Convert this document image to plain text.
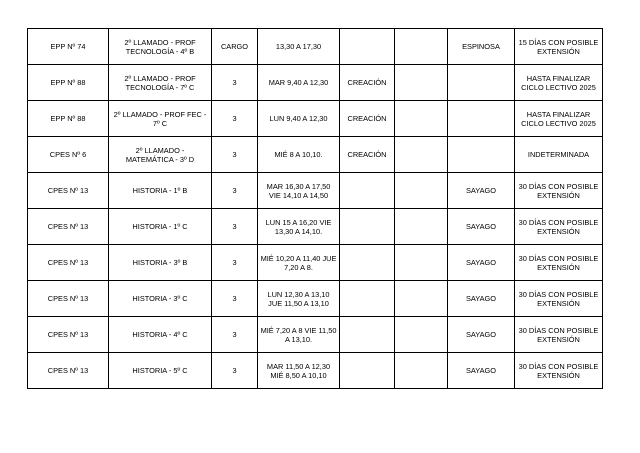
EPP Nº 74	2º LLAMADO - PROF TECNOLOGÍA - 4º B	CARGO	13,30 A 17,30			ESPINOSA	15 DÍAS CON POSIBLE EXTENSIÓN
EPP Nº 88	2º LLAMADO - PROF TECNOLOGÍA - 7º C	3	MAR 9,40 A 12,30	CREACIÓN			HASTA FINALIZAR CICLO LECTIVO 2025
EPP Nº 88	2º LLAMADO - PROF FEC - 7º C	3	LUN 9,40 A 12,30	CREACIÓN			HASTA FINALIZAR CICLO LECTIVO 2025
CPES Nº 6	2º LLAMADO - MATEMÁTICA - 3º D	3	MIÉ 8 A 10,10.	CREACIÓN			INDETERMINADA
CPES Nº 13	HISTORIA - 1º B	3	MAR 16,30 A 17,50 VIE 14,10 A 14,50			SAYAGO	30 DÍAS CON POSIBLE EXTENSIÓN
CPES Nº 13	HISTORIA - 1º C	3	LUN 15 A 16,20 VIE 13,30 A 14,10.			SAYAGO	30 DÍAS CON POSIBLE EXTENSIÓN
CPES Nº 13	HISTORIA - 3º B	3	MIÉ 10,20 A 11,40 JUE 7,20 A 8.			SAYAGO	30 DÍAS CON POSIBLE EXTENSIÓN
CPES Nº 13	HISTORIA - 3º C	3	LUN 12,30 A 13,10 JUE 11,50 A 13,10			SAYAGO	30 DÍAS CON POSIBLE EXTENSIÓN
CPES Nº 13	HISTORIA - 4º C	3	MIÉ 7,20 A 8 VIE 11,50 A 13,10.			SAYAGO	30 DÍAS CON POSIBLE EXTENSIÓN
CPES Nº 13	HISTORIA - 5º C	3	MAR 11,50 A 12,30 MIÉ 8,50 A 10,10			SAYAGO	30 DÍAS CON POSIBLE EXTENSIÓN
